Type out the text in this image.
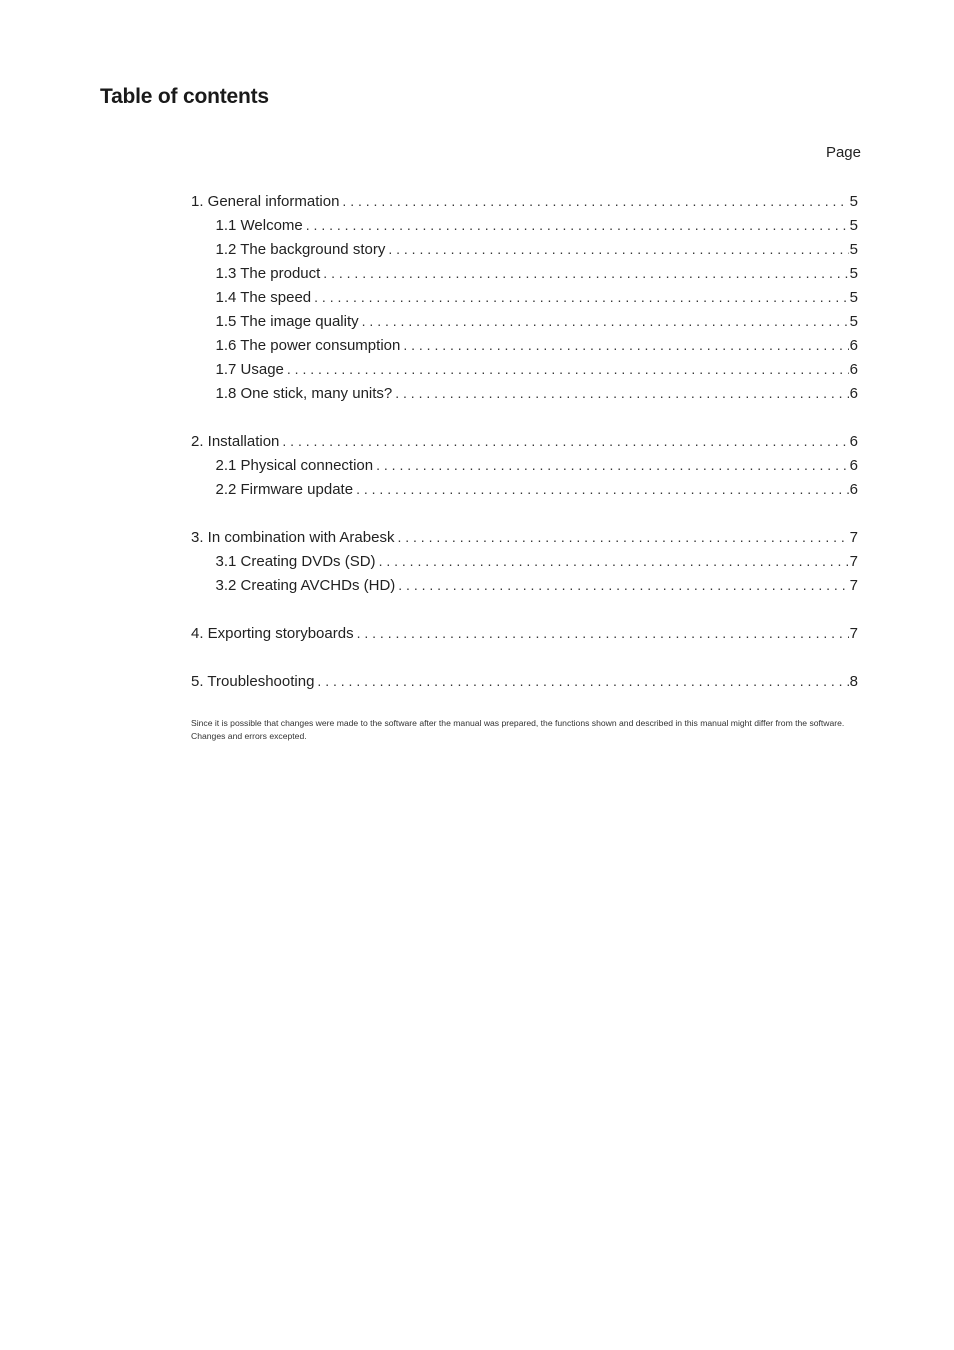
Table of contents
Page
1. General information . . .	5
1.1 Welcome . . .	5
1.2 The background story . . .	5
1.3 The product . . .	5
1.4 The speed . . .	5
1.5 The image quality . . .	5
1.6 The power consumption . . .	6
1.7 Usage . . .	6
1.8 One stick, many units? . . .	6
2. Installation . . .	6
2.1 Physical connection . . .	6
2.2 Firmware update . . .	6
3. In combination with Arabesk . . .	7
3.1 Creating DVDs (SD) . . .	7
3.2 Creating AVCHDs (HD) . . .	7
4. Exporting storyboards . . .	7
5. Troubleshooting . . .	8

Since it is possible that changes were made to the software after the manual was prepared, the functions shown and described in this manual might differ from the software. Changes and errors excepted.
